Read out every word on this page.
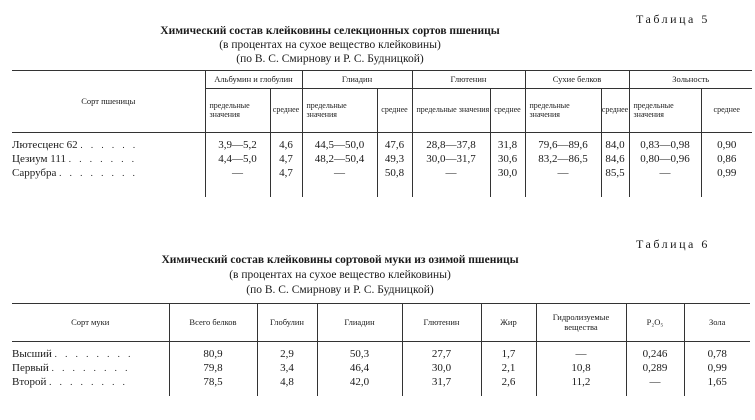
Таблица 5
Химический состав клейковины селекционных сортов пшеницы
(в процентах на сухое вещество клейковины)
(по В. С. Смирнову и Р. С. Будницкой)
Сорт пшеницы	Альбумин и глобулин		Глиадин		Глютенин		Сухие белков		Зольность	
	предельные значения	среднее	предельные значения	среднее	предельные значения	среднее	предельные значения	среднее	предельные значения	среднее
Лютесценс 62 . . . . . .	3,9—5,2	4,6	44,5—50,0	47,6	28,8—37,8	31,8	79,6—89,6	84,0	0,83—0,98	0,90
Цезиум 111 . . . . . . .	4,4—5,0	4,7	48,2—50,4	49,3	30,0—31,7	30,6	83,2—86,5	84,6	0,80—0,96	0,86
Саррубра . . . . . . . .	—	4,7	—	50,8	—	30,0	—	85,5	—	0,99
Таблица 6
Химический состав клейковины сортовой муки из озимой пшеницы
(в процентах на сухое вещество клейковины)
(по В. С. Смирнову и Р. С. Будницкой)
Сорт муки	Всего белков	Глобулин	Глиадин	Глютенин	Жир	Гидролизуемые вещества	P₂O₅	Зола
Высший . . . . . . . .	80,9	2,9	50,3	27,7	1,7	—	0,246	0,78
Первый . . . . . . . .	79,8	3,4	46,4	30,0	2,1	10,8	0,289	0,99
Второй . . . . . . . .	78,5	4,8	42,0	31,7	2,6	11,2	—	1,65
